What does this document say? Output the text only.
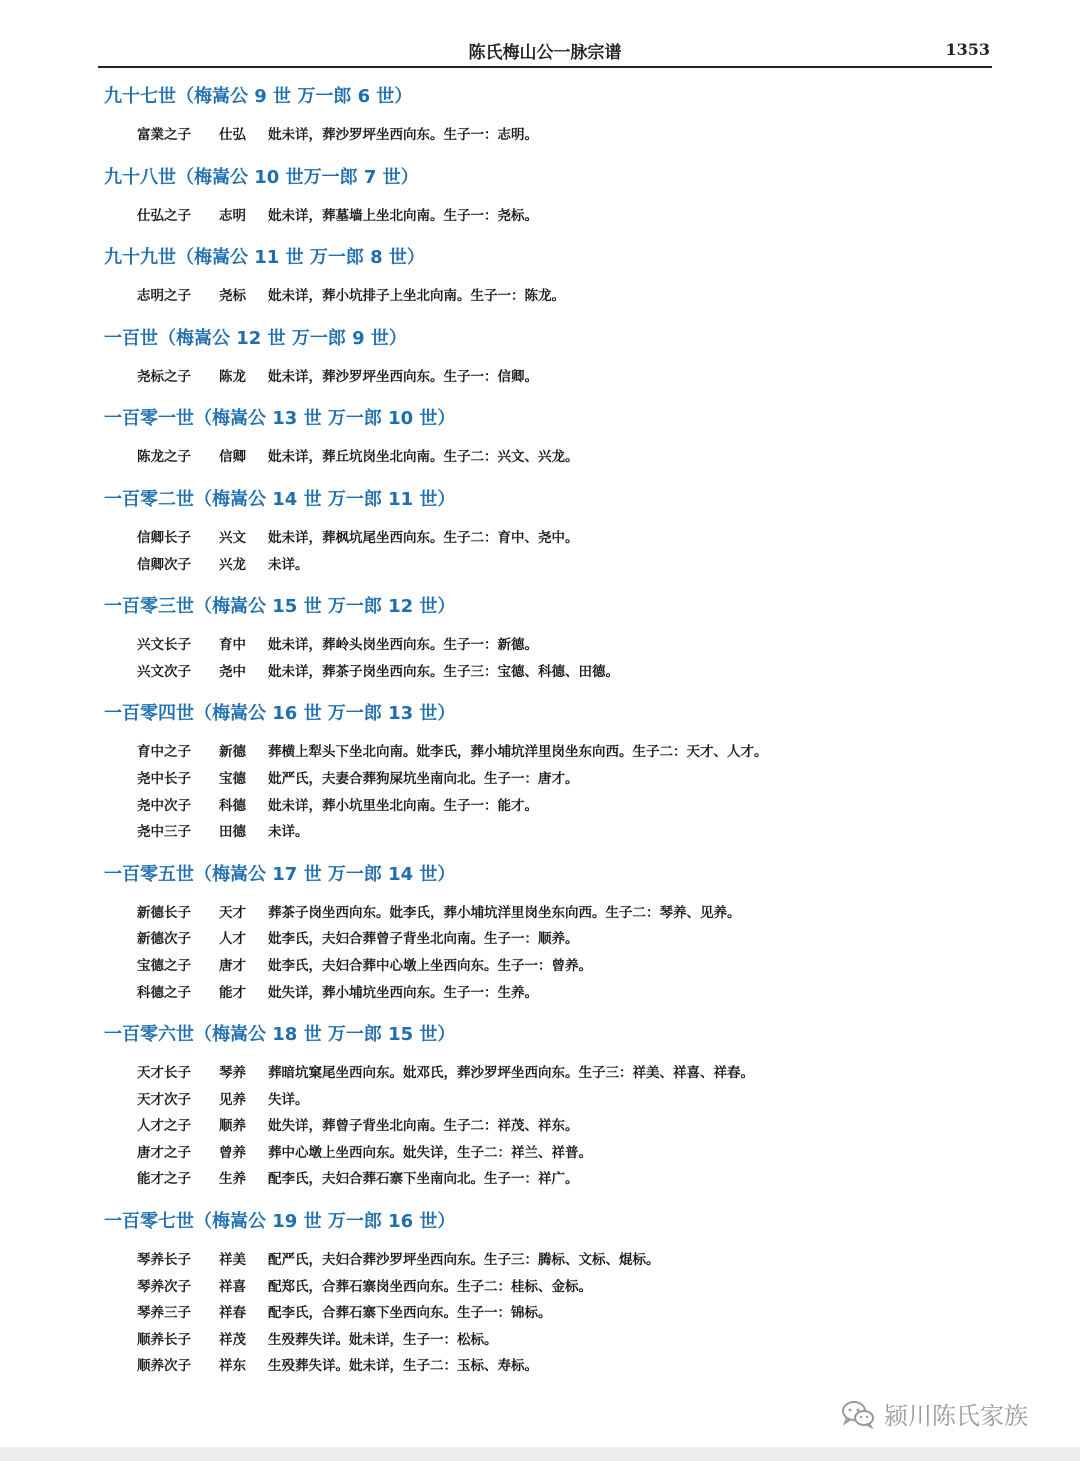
陈氏梅山公一脉宗谱	1353
九十七世（梅嵩公 9 世 万一郎 6 世）
富業之子 仕弘 妣未详，葬沙罗坪坐西向东。生子一：志明。
九十八世（梅嵩公 10 世万一郎 7 世）
仕弘之子 志明 妣未详，葬墓墙上坐北向南。生子一：尧标。
九十九世（梅嵩公 11 世 万一郎 8 世）
志明之子 尧标 妣未详，葬小坑排子上坐北向南。生子一：陈龙。
一百世（梅嵩公 12 世 万一郎 9 世）
尧标之子 陈龙 妣未详，葬沙罗坪坐西向东。生子一：信卿。
一百零一世（梅嵩公 13 世 万一郎 10 世）
陈龙之子 信卿 妣未详，葬丘坑岗坐北向南。生子二：兴文、兴龙。
一百零二世（梅嵩公 14 世 万一郎 11 世）
信卿长子 兴文 妣未详，葬枫坑尾坐西向东。生子二：育中、尧中。
信卿次子 兴龙 未详。
一百零三世（梅嵩公 15 世 万一郎 12 世）
兴文长子 育中 妣未详，葬岭头岗坐西向东。生子一：新德。
兴文次子 尧中 妣未详，葬茶子岗坐西向东。生子三：宝德、科德、田德。
一百零四世（梅嵩公 16 世 万一郎 13 世）
育中之子 新德 葬横上犁头下坐北向南。妣李氏，葬小埔坑洋里岗坐东向西。生子二：天才、人才。
尧中长子 宝德 妣严氏，夫妻合葬狗屎坑坐南向北。生子一：唐才。
尧中次子 科德 妣未详，葬小坑里坐北向南。生子一：能才。
尧中三子 田德 未详。
一百零五世（梅嵩公 17 世 万一郎 14 世）
新德长子 天才 葬茶子岗坐西向东。妣李氏，葬小埔坑洋里岗坐东向西。生子二：琴养、见养。
新德次子 人才 妣李氏，夫妇合葬曾子背坐北向南。生子一：顺养。
宝德之子 唐才 妣李氏，夫妇合葬中心墩上坐西向东。生子一：曾养。
科德之子 能才 妣失详，葬小埔坑坐西向东。生子一：生养。
一百零六世（梅嵩公 18 世 万一郎 15 世）
天才长子 琴养 葬暗坑窠尾坐西向东。妣邓氏，葬沙罗坪坐西向东。生子三：祥美、祥喜、祥春。
天才次子 见养 失详。
人才之子 顺养 妣失详，葬曾子背坐北向南。生子二：祥茂、祥东。
唐才之子 曾养 葬中心墩上坐西向东。妣失详，生子二：祥兰、祥普。
能才之子 生养 配李氏，夫妇合葬石寨下坐南向北。生子一：祥广。
一百零七世（梅嵩公 19 世 万一郎 16 世）
琴养长子 祥美 配严氏，夫妇合葬沙罗坪坐西向东。生子三：腾标、文标、焜标。
琴养次子 祥喜 配郑氏，合葬石寨岗坐西向东。生子二：桂标、金标。
琴养三子 祥春 配李氏，合葬石寨下坐西向东。生子一：锦标。
顺养长子 祥茂 生殁葬失详。妣未详，生子一：松标。
顺养次子 祥东 生殁葬失详。妣未详，生子二：玉标、寿标。
颍川陈氏家族
